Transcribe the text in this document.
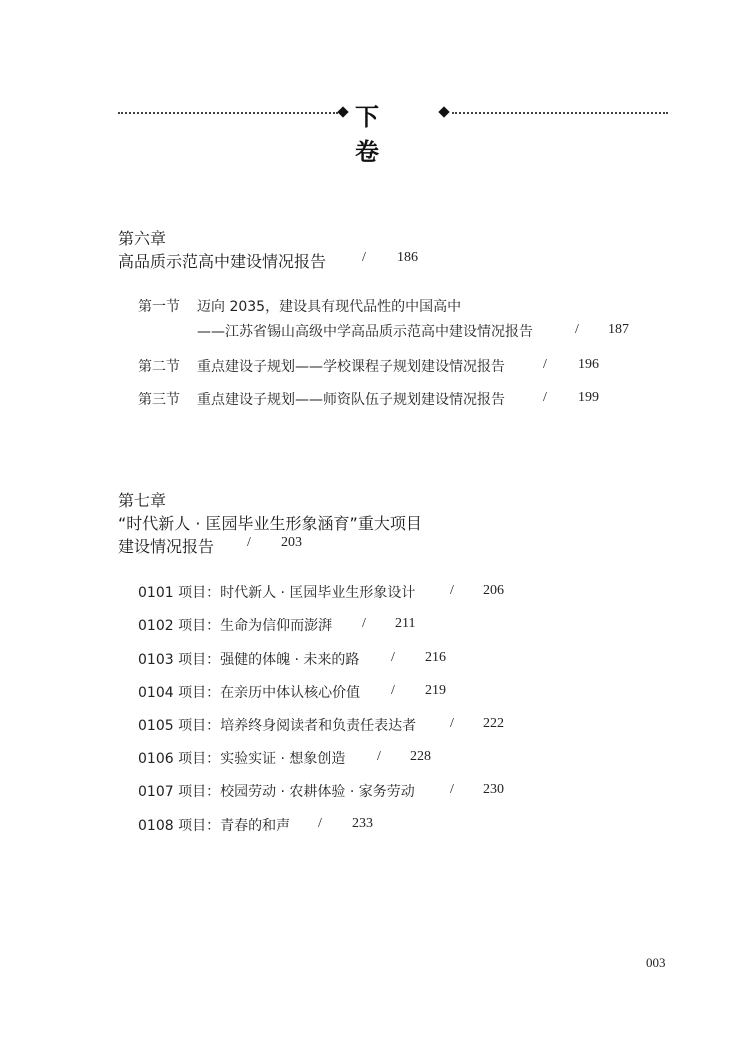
下 卷
第六章
高品质示范高中建设情况报告	/ 186
第一节 迈向 2035，建设具有现代品性的中国高中
——江苏省锡山高级中学高品质示范高中建设情况报告	/ 187
第二节 重点建设子规划——学校课程子规划建设情况报告	/ 196
第三节 重点建设子规划——师资队伍子规划建设情况报告	/ 199
第七章
“时代新人 · 匡园毕业生形象涵育”重大项目
建设情况报告 / 203
0101 项目：时代新人 · 匡园毕业生形象设计 / 206
0102 项目：生命为信仰而澎湃 / 211
0103 项目：强健的体魄 · 未来的路 / 216
0104 项目：在亲历中体认核心价值 / 219
0105 项目：培养终身阅读者和负责任表达者 / 222
0106 项目：实验实证 · 想象创造 / 228
0107 项目：校园劳动 · 农耕体验 · 家务劳动	/ 230
0108 项目：青春的和声 / 233
003
